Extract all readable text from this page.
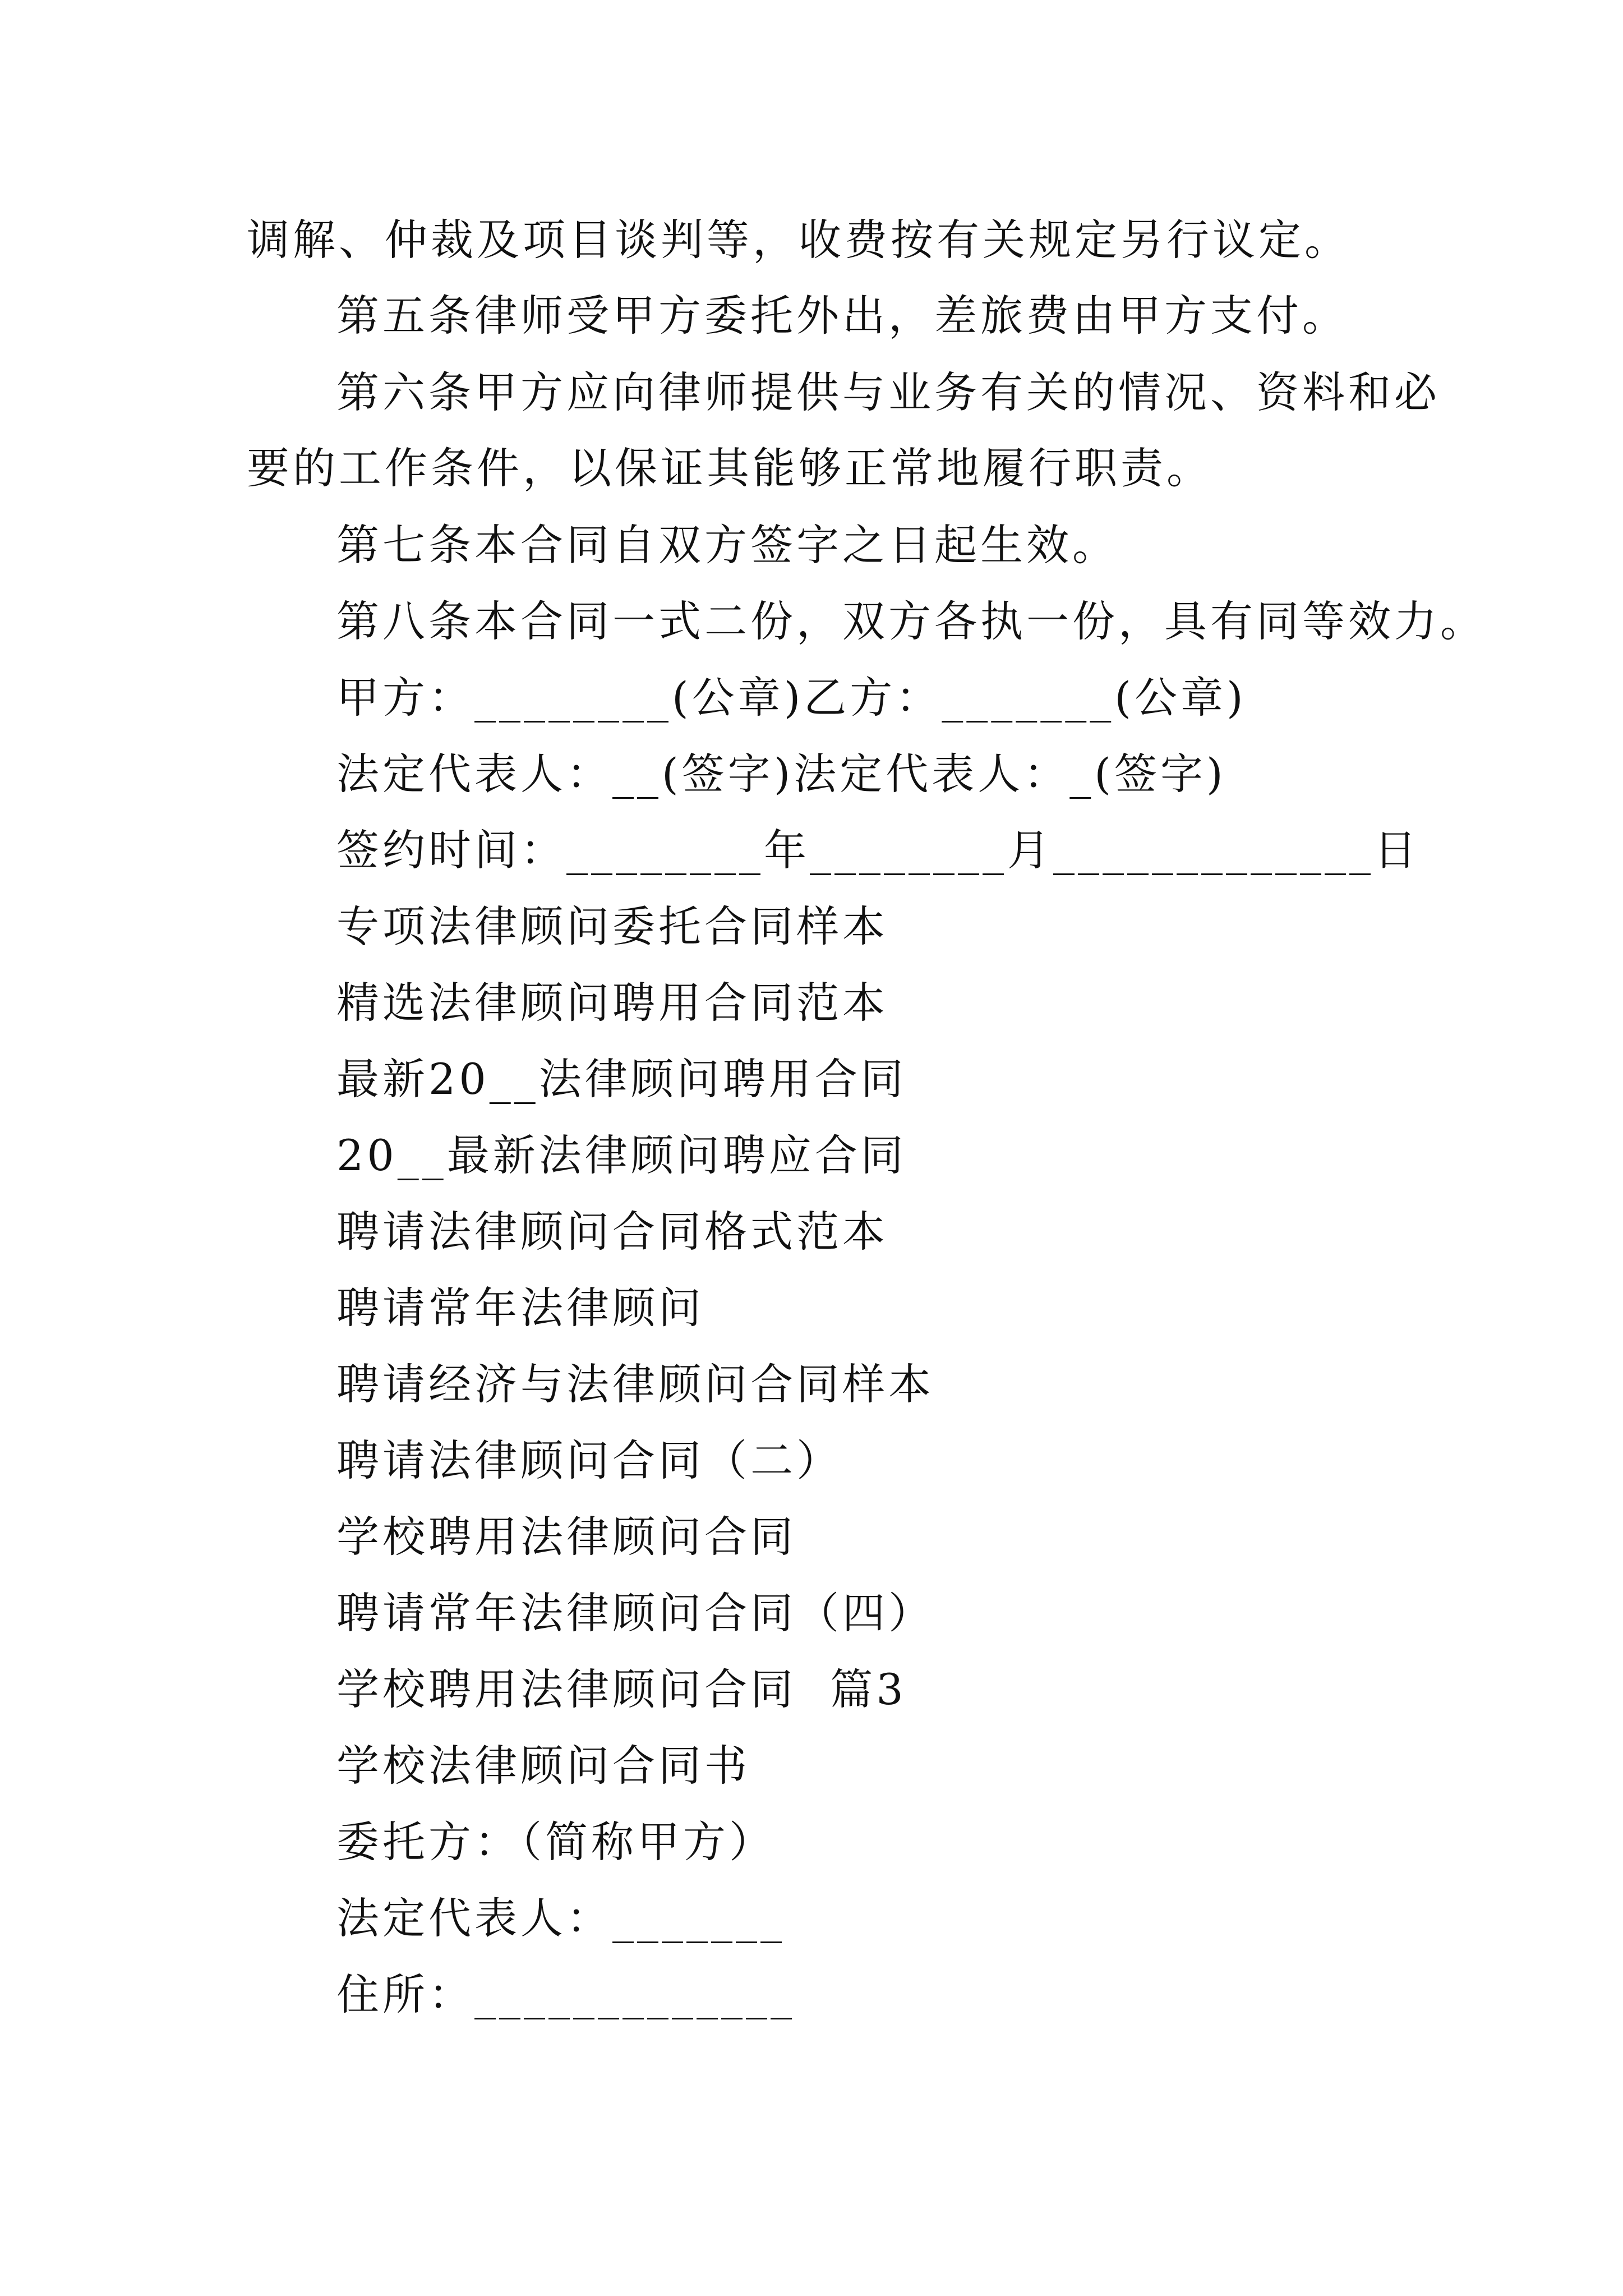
调解、仲裁及项目谈判等，收费按有关规定另行议定。
第五条律师受甲方委托外出，差旅费由甲方支付。
第六条甲方应向律师提供与业务有关的情况、资料和必
要的工作条件，以保证其能够正常地履行职责。
第七条本合同自双方签字之日起生效。
第八条本合同一式二份，双方各执一份，具有同等效力。
甲方：________(公章)乙方：_______(公章)
法定代表人：__(签字)法定代表人：_(签字)
签约时间：________年________月_____________日
专项法律顾问委托合同样本
精选法律顾问聘用合同范本
最新20__法律顾问聘用合同
20__最新法律顾问聘应合同
聘请法律顾问合同格式范本
聘请常年法律顾问
聘请经济与法律顾问合同样本
聘请法律顾问合同（二）
学校聘用法律顾问合同
聘请常年法律顾问合同（四）
学校聘用法律顾问合同  篇3
学校法律顾问合同书
委托方：（简称甲方）
法定代表人：_______
住所：_____________
